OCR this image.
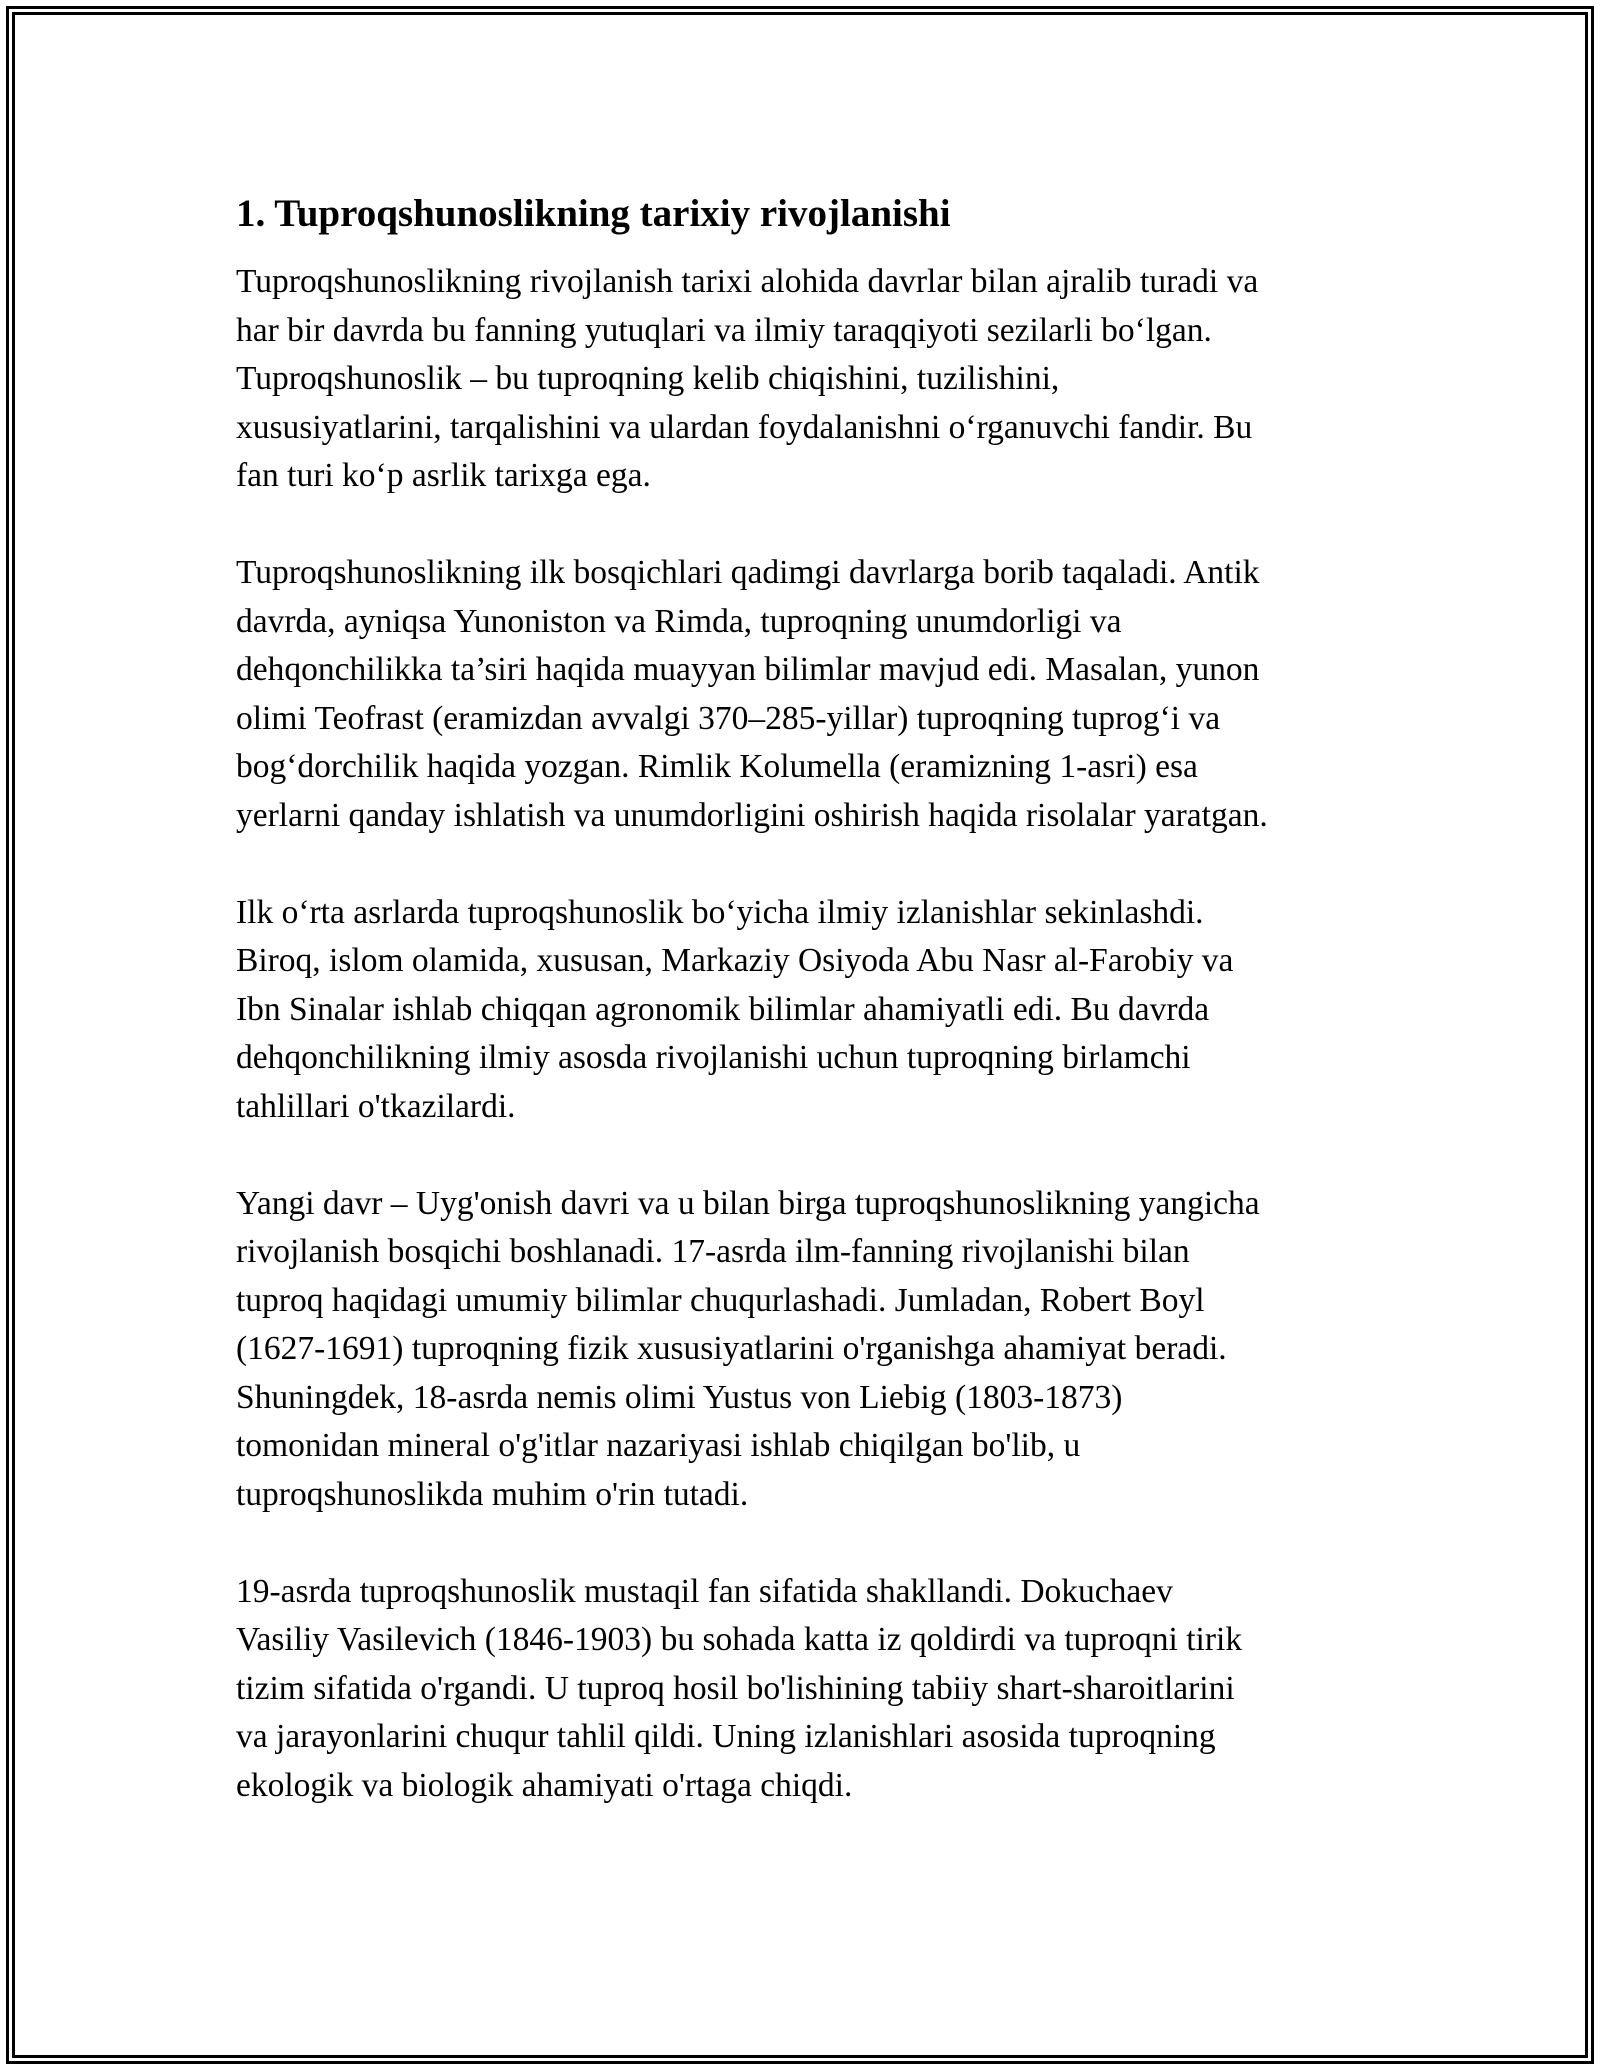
1. Tuproqshunoslikning tarixiy rivojlanishi

Tuproqshunoslikning rivojlanish tarixi alohida davrlar bilan ajralib turadi va
har bir davrda bu fanning yutuqlari va ilmiy taraqqiyoti sezilarli bo‘lgan.
Tuproqshunoslik – bu tuproqning kelib chiqishini, tuzilishini,
xususiyatlarini, tarqalishini va ulardan foydalanishni o‘rganuvchi fandir. Bu
fan turi ko‘p asrlik tarixga ega.

Tuproqshunoslikning ilk bosqichlari qadimgi davrlarga borib taqaladi. Antik
davrda, ayniqsa Yunoniston va Rimda, tuproqning unumdorligi va
dehqonchilikka ta’siri haqida muayyan bilimlar mavjud edi. Masalan, yunon
olimi Teofrast (eramizdan avvalgi 370–285-yillar) tuproqning tuprog‘i va
bog‘dorchilik haqida yozgan. Rimlik Kolumella (eramizning 1-asri) esa
yerlarni qanday ishlatish va unumdorligini oshirish haqida risolalar yaratgan.

Ilk o‘rta asrlarda tuproqshunoslik bo‘yicha ilmiy izlanishlar sekinlashdi.
Biroq, islom olamida, xususan, Markaziy Osiyoda Abu Nasr al-Farobiy va
Ibn Sinalar ishlab chiqqan agronomik bilimlar ahamiyatli edi. Bu davrda
dehqonchilikning ilmiy asosda rivojlanishi uchun tuproqning birlamchi
tahlillari o'tkazilardi.

Yangi davr – Uyg'onish davri va u bilan birga tuproqshunoslikning yangicha
rivojlanish bosqichi boshlanadi. 17-asrda ilm-fanning rivojlanishi bilan
tuproq haqidagi umumiy bilimlar chuqurlashadi. Jumladan, Robert Boyl
(1627-1691) tuproqning fizik xususiyatlarini o'rganishga ahamiyat beradi.
Shuningdek, 18-asrda nemis olimi Yustus von Liebig (1803-1873)
tomonidan mineral o'g'itlar nazariyasi ishlab chiqilgan bo'lib, u
tuproqshunoslikda muhim o'rin tutadi.

19-asrda tuproqshunoslik mustaqil fan sifatida shakllandi. Dokuchaev
Vasiliy Vasilevich (1846-1903) bu sohada katta iz qoldirdi va tuproqni tirik
tizim sifatida o'rgandi. U tuproq hosil bo'lishining tabiiy shart-sharoitlarini
va jarayonlarini chuqur tahlil qildi. Uning izlanishlari asosida tuproqning
ekologik va biologik ahamiyati o'rtaga chiqdi.
